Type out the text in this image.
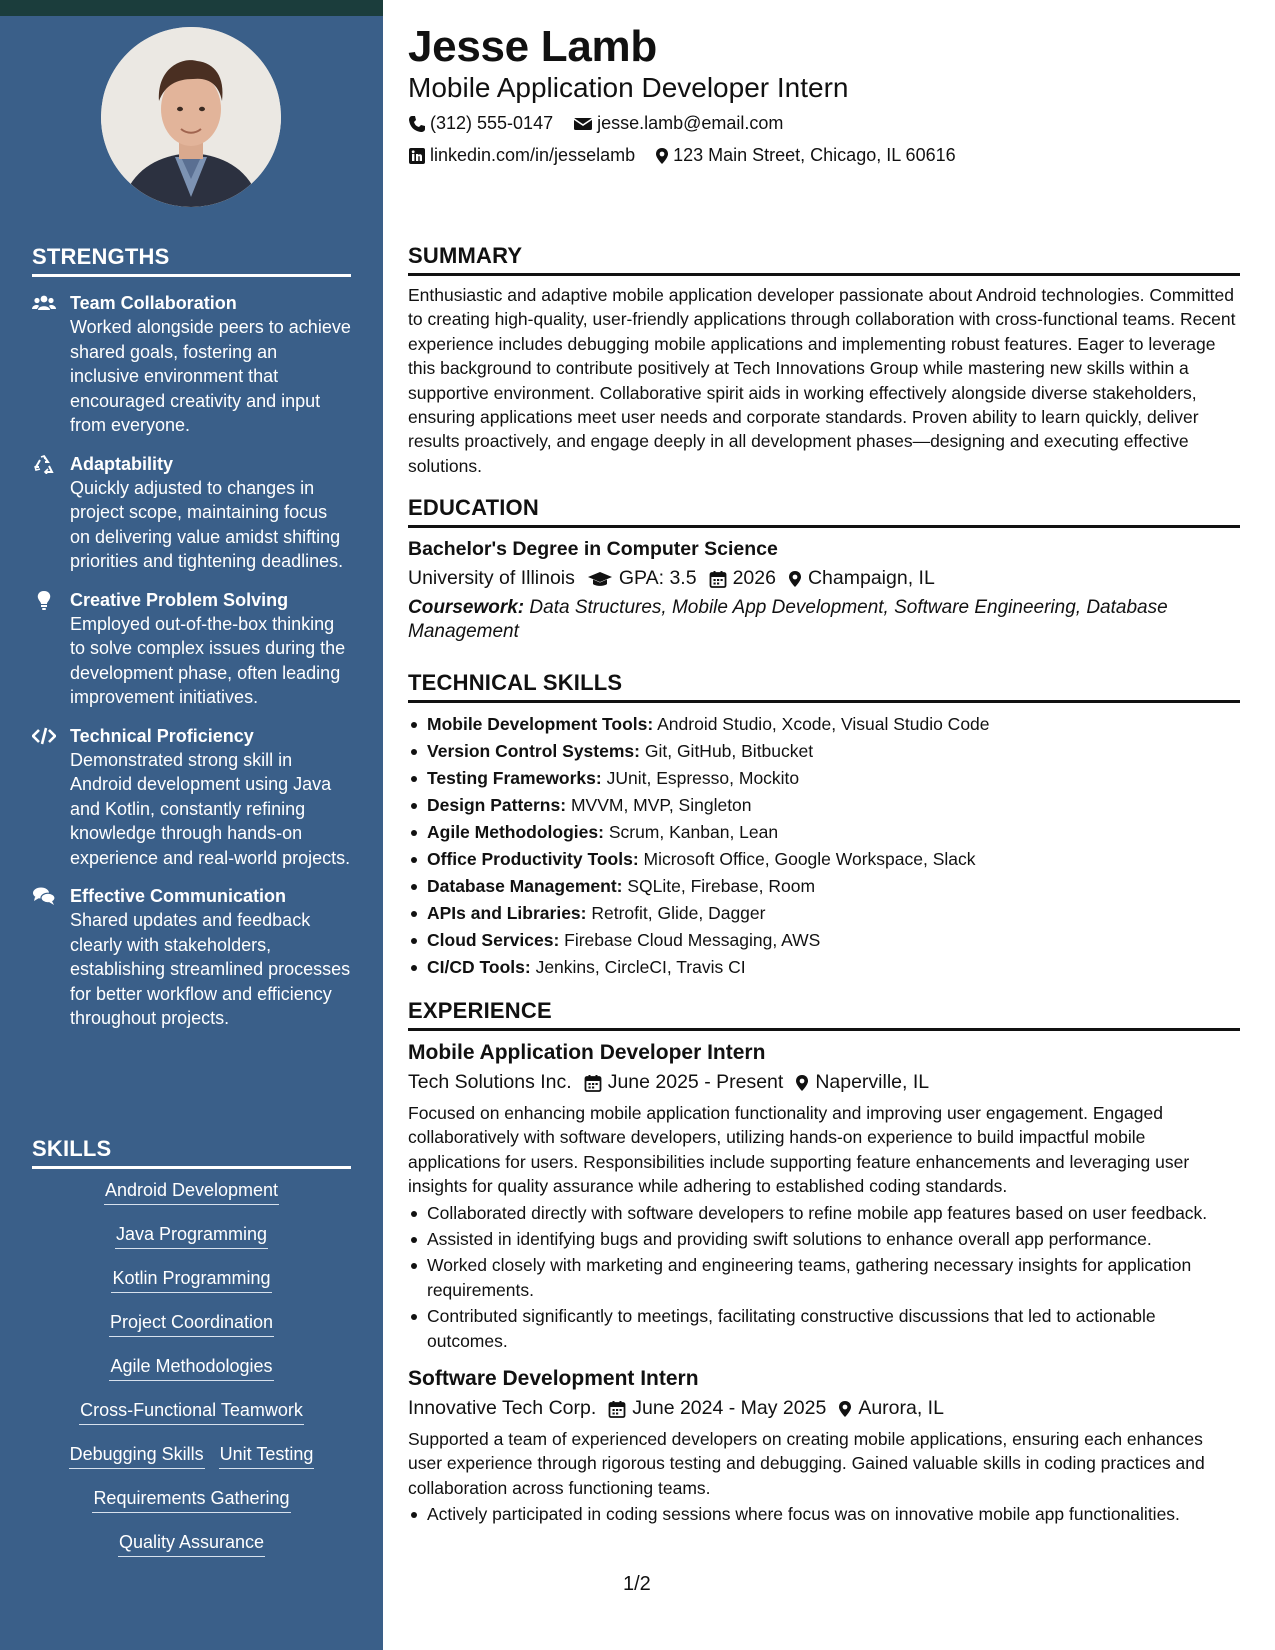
STRENGTHS
Team Collaboration
Worked alongside peers to achieve shared goals, fostering an inclusive environment that encouraged creativity and input from everyone.
Adaptability
Quickly adjusted to changes in project scope, maintaining focus on delivering value amidst shifting priorities and tightening deadlines.
Creative Problem Solving
Employed out-of-the-box thinking to solve complex issues during the development phase, often leading improvement initiatives.
Technical Proficiency
Demonstrated strong skill in Android development using Java and Kotlin, constantly refining knowledge through hands-on experience and real-world projects.
Effective Communication
Shared updates and feedback clearly with stakeholders, establishing streamlined processes for better workflow and efficiency throughout projects.
SKILLS
Android Development
Java Programming
Kotlin Programming
Project Coordination
Agile Methodologies
Cross-Functional Teamwork
Debugging Skills Unit Testing
Requirements Gathering
Quality Assurance
Jesse Lamb
Mobile Application Developer Intern
(312) 555-0147 jesse.lamb@email.com
linkedin.com/in/jesselamb 123 Main Street, Chicago, IL 60616
SUMMARY
Enthusiastic and adaptive mobile application developer passionate about Android technologies. Committed to creating high-quality, user-friendly applications through collaboration with cross-functional teams. Recent experience includes debugging mobile applications and implementing robust features. Eager to leverage this background to contribute positively at Tech Innovations Group while mastering new skills within a supportive environment. Collaborative spirit aids in working effectively alongside diverse stakeholders, ensuring applications meet user needs and corporate standards. Proven ability to learn quickly, deliver results proactively, and engage deeply in all development phases—designing and executing effective solutions.
EDUCATION
Bachelor's Degree in Computer Science
University of Illinois GPA: 3.5 2026 Champaign, IL
Coursework: Data Structures, Mobile App Development, Software Engineering, Database Management
TECHNICAL SKILLS
Mobile Development Tools: Android Studio, Xcode, Visual Studio Code
Version Control Systems: Git, GitHub, Bitbucket
Testing Frameworks: JUnit, Espresso, Mockito
Design Patterns: MVVM, MVP, Singleton
Agile Methodologies: Scrum, Kanban, Lean
Office Productivity Tools: Microsoft Office, Google Workspace, Slack
Database Management: SQLite, Firebase, Room
APIs and Libraries: Retrofit, Glide, Dagger
Cloud Services: Firebase Cloud Messaging, AWS
CI/CD Tools: Jenkins, CircleCI, Travis CI
EXPERIENCE
Mobile Application Developer Intern
Tech Solutions Inc. June 2025 - Present Naperville, IL
Focused on enhancing mobile application functionality and improving user engagement. Engaged collaboratively with software developers, utilizing hands-on experience to build impactful mobile applications for users. Responsibilities include supporting feature enhancements and leveraging user insights for quality assurance while adhering to established coding standards.
Collaborated directly with software developers to refine mobile app features based on user feedback.
Assisted in identifying bugs and providing swift solutions to enhance overall app performance.
Worked closely with marketing and engineering teams, gathering necessary insights for application requirements.
Contributed significantly to meetings, facilitating constructive discussions that led to actionable outcomes.
Software Development Intern
Innovative Tech Corp. June 2024 - May 2025 Aurora, IL
Supported a team of experienced developers on creating mobile applications, ensuring each enhances user experience through rigorous testing and debugging. Gained valuable skills in coding practices and collaboration across functioning teams.
Actively participated in coding sessions where focus was on innovative mobile app functionalities.
1/2
